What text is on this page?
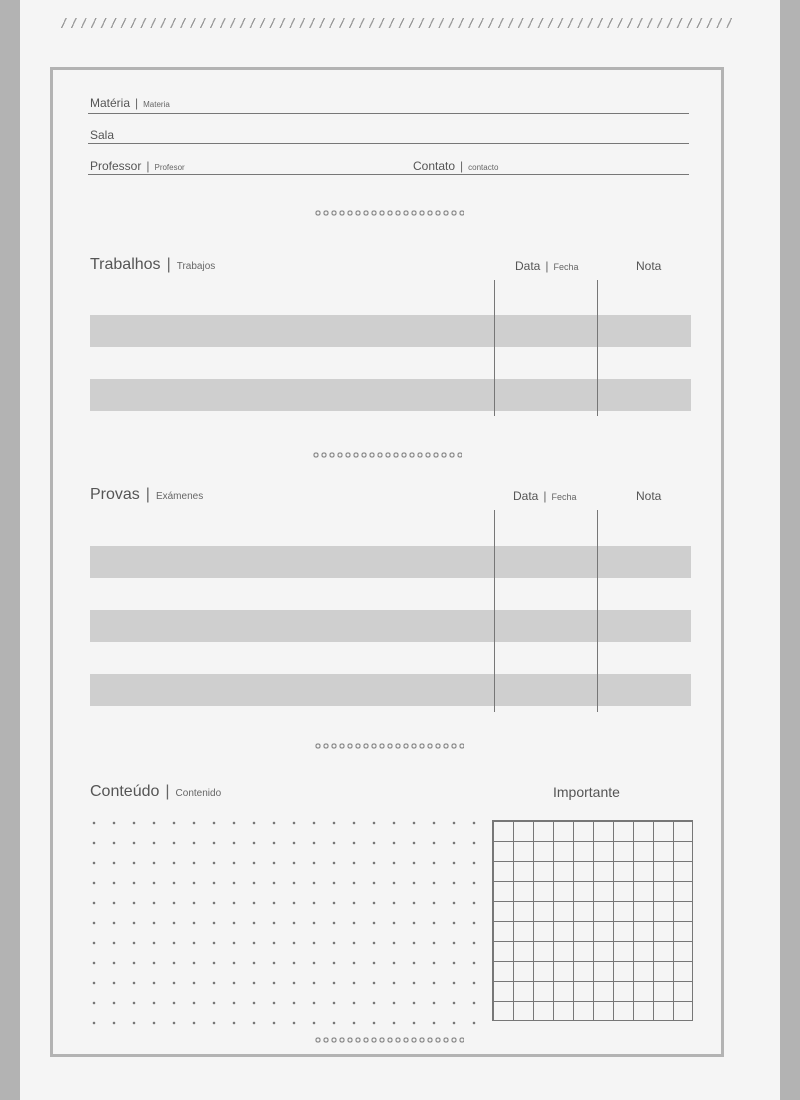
Matéria | Materia
Sala
Professor | Profesor	Contato | contacto
Trabalhos | Trabajos	Data | Fecha	Nota
Provas | Exámenes	Data | Fecha	Nota
Conteúdo | Contenido	Importante
